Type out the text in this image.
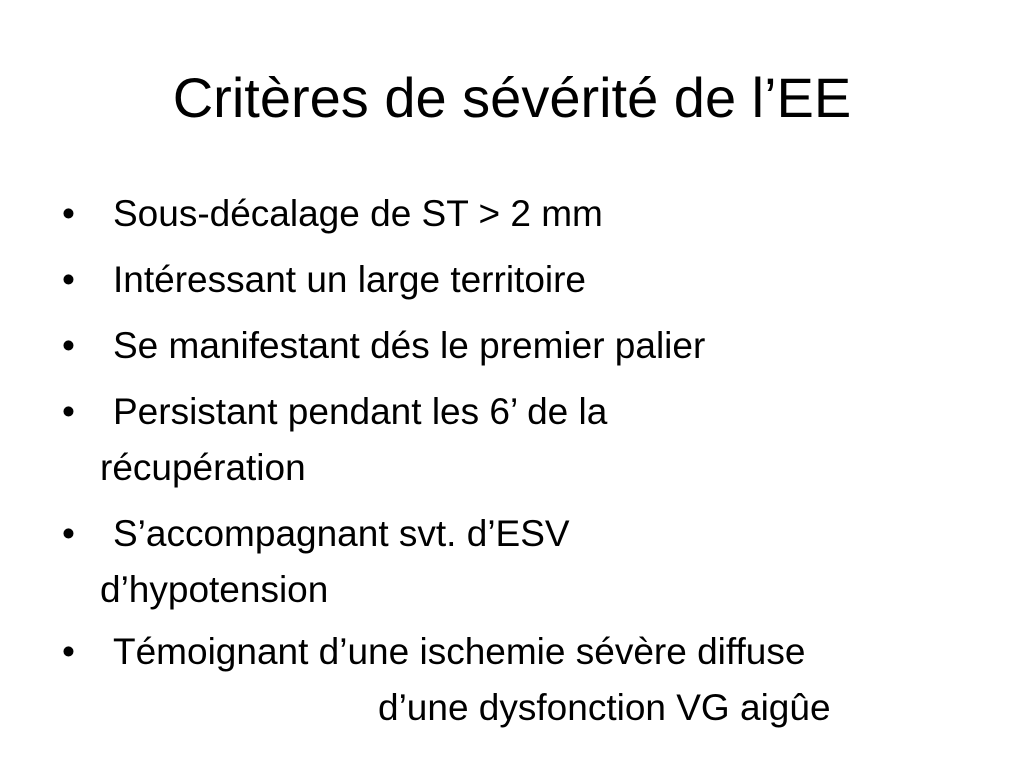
Critères de sévérité de l’EE
•	Sous-décalage de ST > 2 mm
•	Intéressant un large territoire
•	Se manifestant dés le premier palier
•	Persistant pendant les 6’ de la
récupération
•	S’accompagnant svt. d’ESV
d’hypotension
•	Témoignant d’une ischemie sévère diffuse
d’une dysfonction VG aigûe
